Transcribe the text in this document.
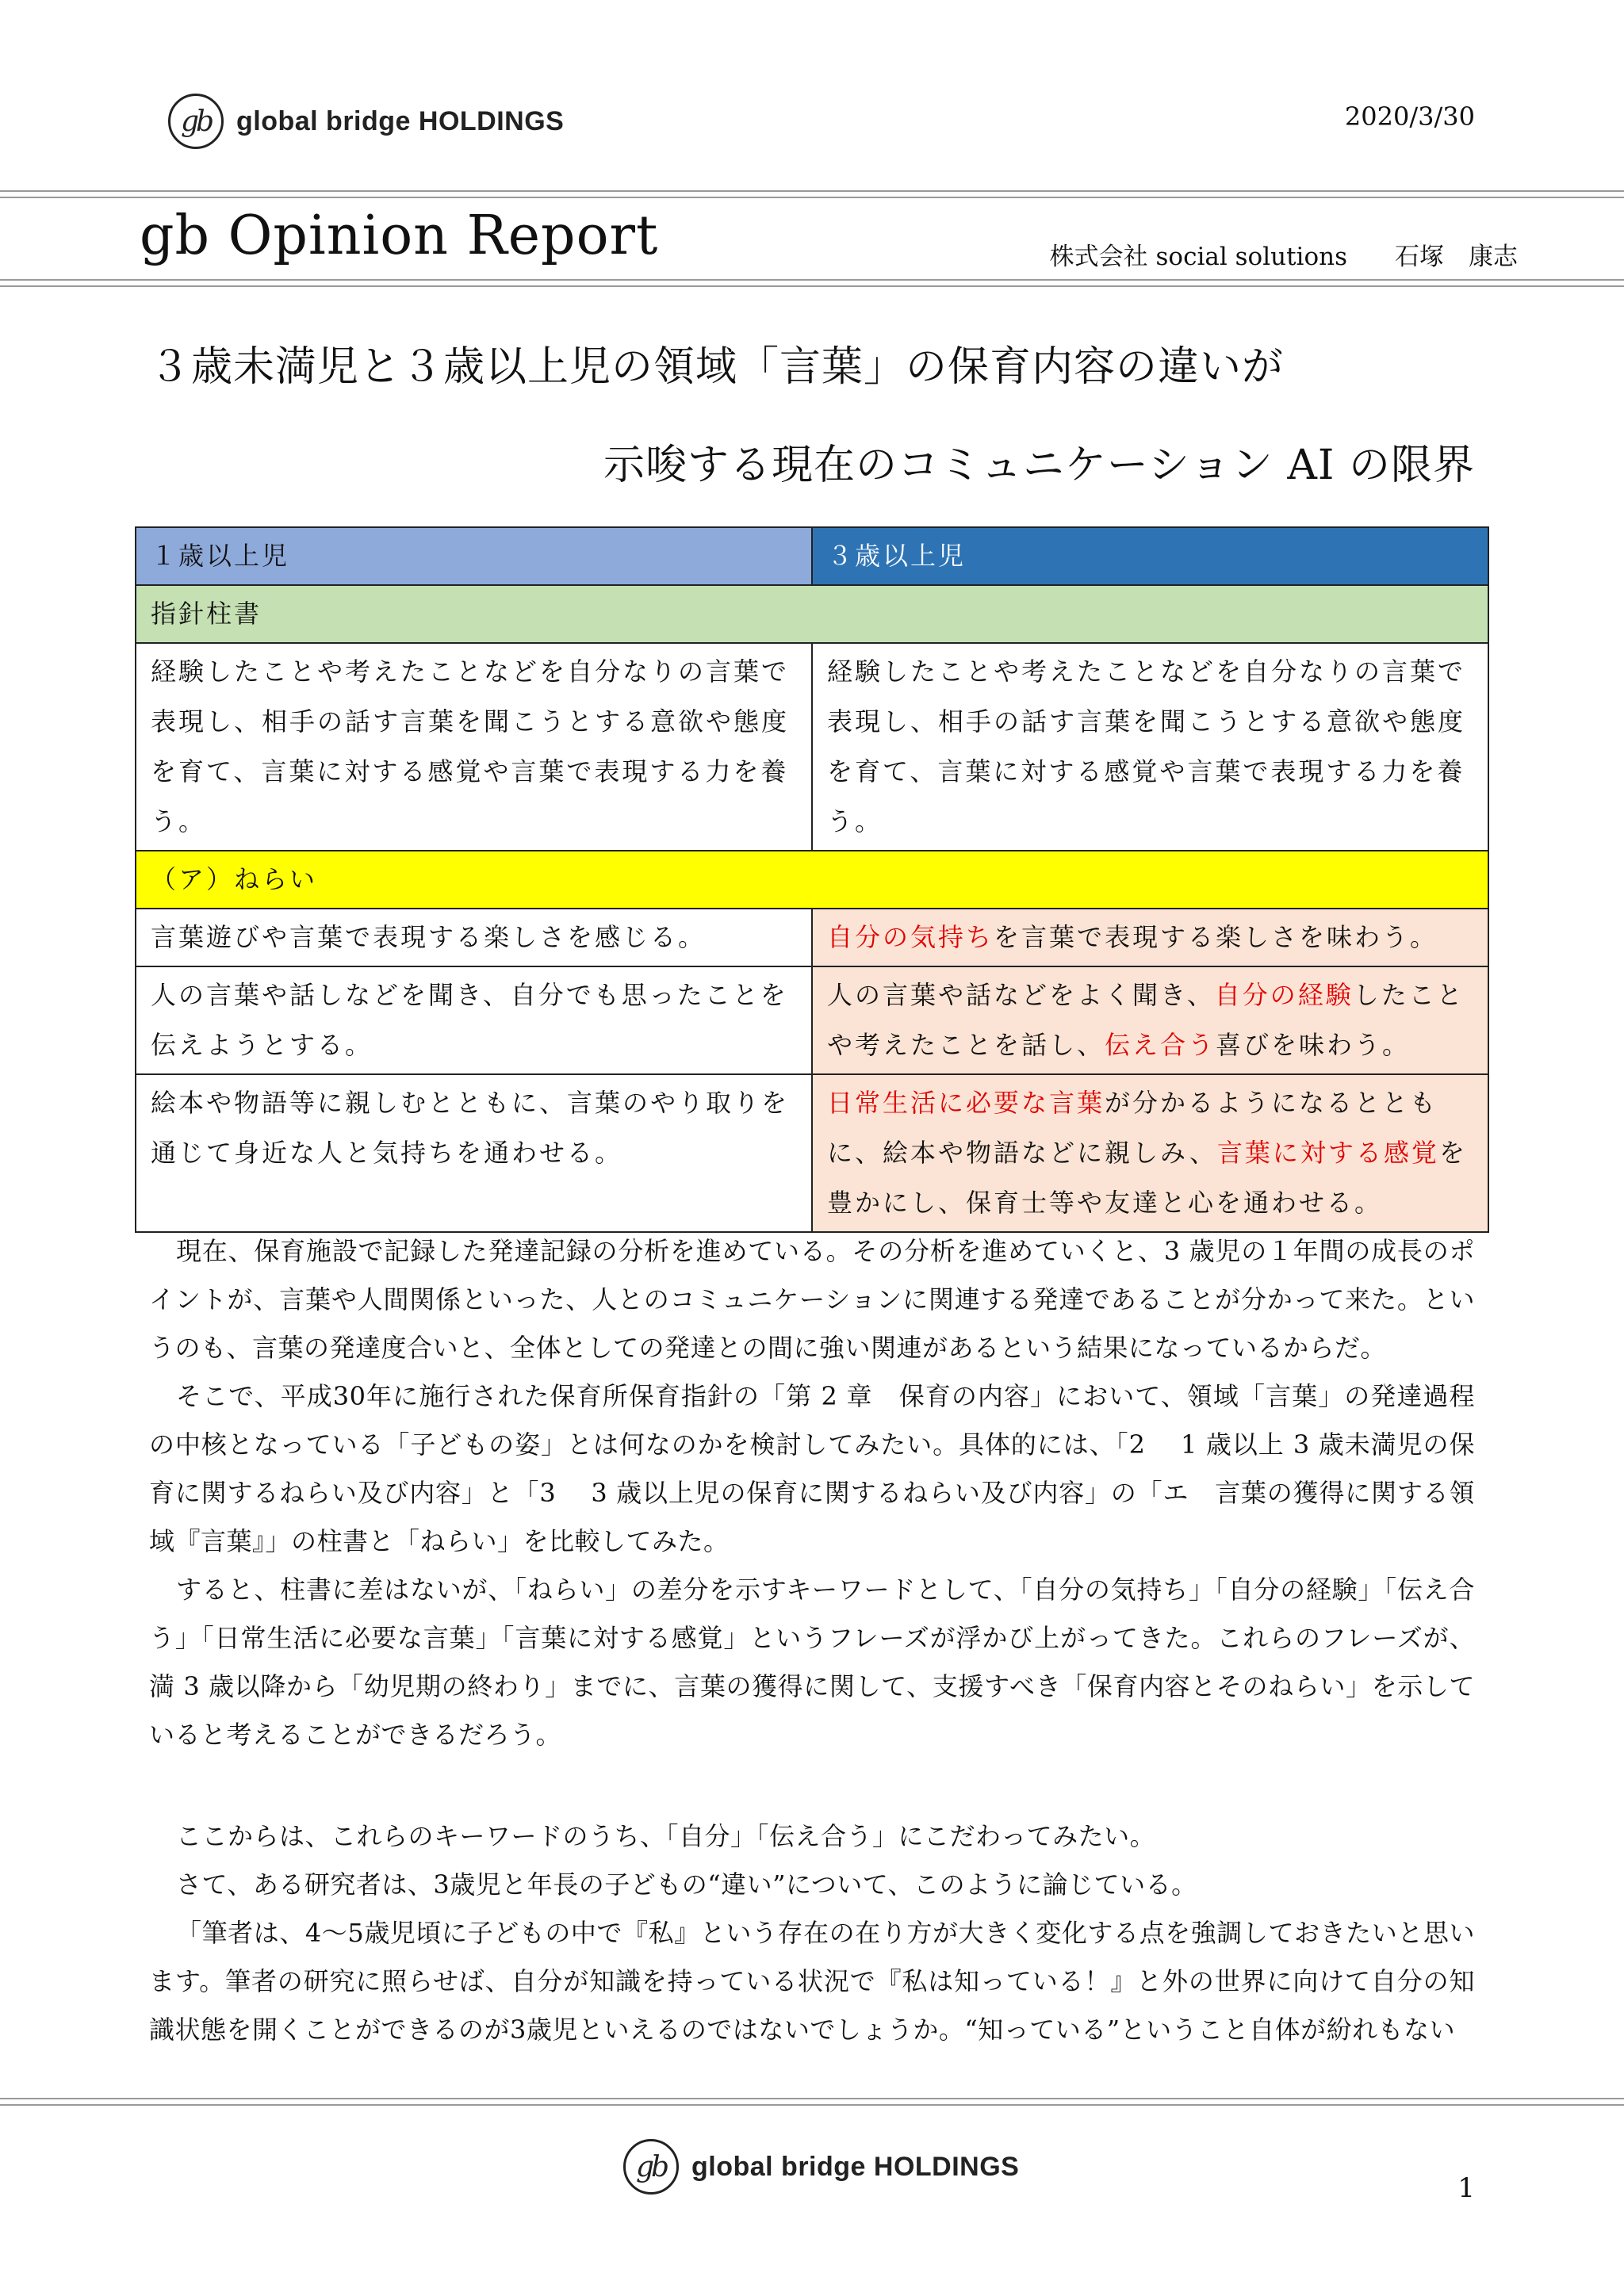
gb global bridge HOLDINGS	2020/3/30
gb Opinion Report	株式会社 social solutions 石塚　康志
３歳未満児と３歳以上児の領域「言葉」の保育内容の違いが
示唆する現在のコミュニケーション AI の限界
１歳以上児	３歳以上児
指針柱書	
経験したことや考えたことなどを自分なりの言葉で表現し、相手の話す言葉を聞こうとする意欲や態度を育て、言葉に対する感覚や言葉で表現する力を養う。	経験したことや考えたことなどを自分なりの言葉で表現し、相手の話す言葉を聞こうとする意欲や態度を育て、言葉に対する感覚や言葉で表現する力を養う。
（ア）ねらい	
言葉遊びや言葉で表現する楽しさを感じる。	自分の気持ちを言葉で表現する楽しさを味わう。
人の言葉や話しなどを聞き、自分でも思ったことを伝えようとする。	人の言葉や話などをよく聞き、自分の経験したことや考えたことを話し、伝え合う喜びを味わう。
絵本や物語等に親しむとともに、言葉のやり取りを通じて身近な人と気持ちを通わせる。	日常生活に必要な言葉が分かるようになるとともに、絵本や物語などに親しみ、言葉に対する感覚を豊かにし、保育士等や友達と心を通わせる。

現在、保育施設で記録した発達記録の分析を進めている。その分析を進めていくと、3 歳児の１年間の成長のポイントが、言葉や人間関係といった、人とのコミュニケーションに関連する発達であることが分かって来た。というのも、言葉の発達度合いと、全体としての発達との間に強い関連があるという結果になっているからだ。

そこで、平成30年に施行された保育所保育指針の「第 2 章　保育の内容」において、領域「言葉」の発達過程の中核となっている「子どもの姿」とは何なのかを検討してみたい。具体的には、「2　 1 歳以上 3 歳未満児の保育に関するねらい及び内容」と「3　 3 歳以上児の保育に関するねらい及び内容」の「エ　言葉の獲得に関する領域『言葉』」の柱書と「ねらい」を比較してみた。

すると、柱書に差はないが、「ねらい」の差分を示すキーワードとして、「自分の気持ち」「自分の経験」「伝え合う」「日常生活に必要な言葉」「言葉に対する感覚」というフレーズが浮かび上がってきた。これらのフレーズが、満 3 歳以降から「幼児期の終わり」までに、言葉の獲得に関して、支援すべき「保育内容とそのねらい」を示していると考えることができるだろう。

ここからは、これらのキーワードのうち、「自分」「伝え合う」にこだわってみたい。

さて、ある研究者は、3歳児と年長の子どもの“違い”について、このように論じている。

「筆者は、4～5歳児頃に子どもの中で『私』という存在の在り方が大きく変化する点を強調しておきたいと思います。筆者の研究に照らせば、自分が知識を持っている状況で『私は知っている！』と外の世界に向けて自分の知識状態を開くことができるのが3歳児といえるのではないでしょうか。“知っている”ということ自体が紛れもない

gb global bridge HOLDINGS
1
